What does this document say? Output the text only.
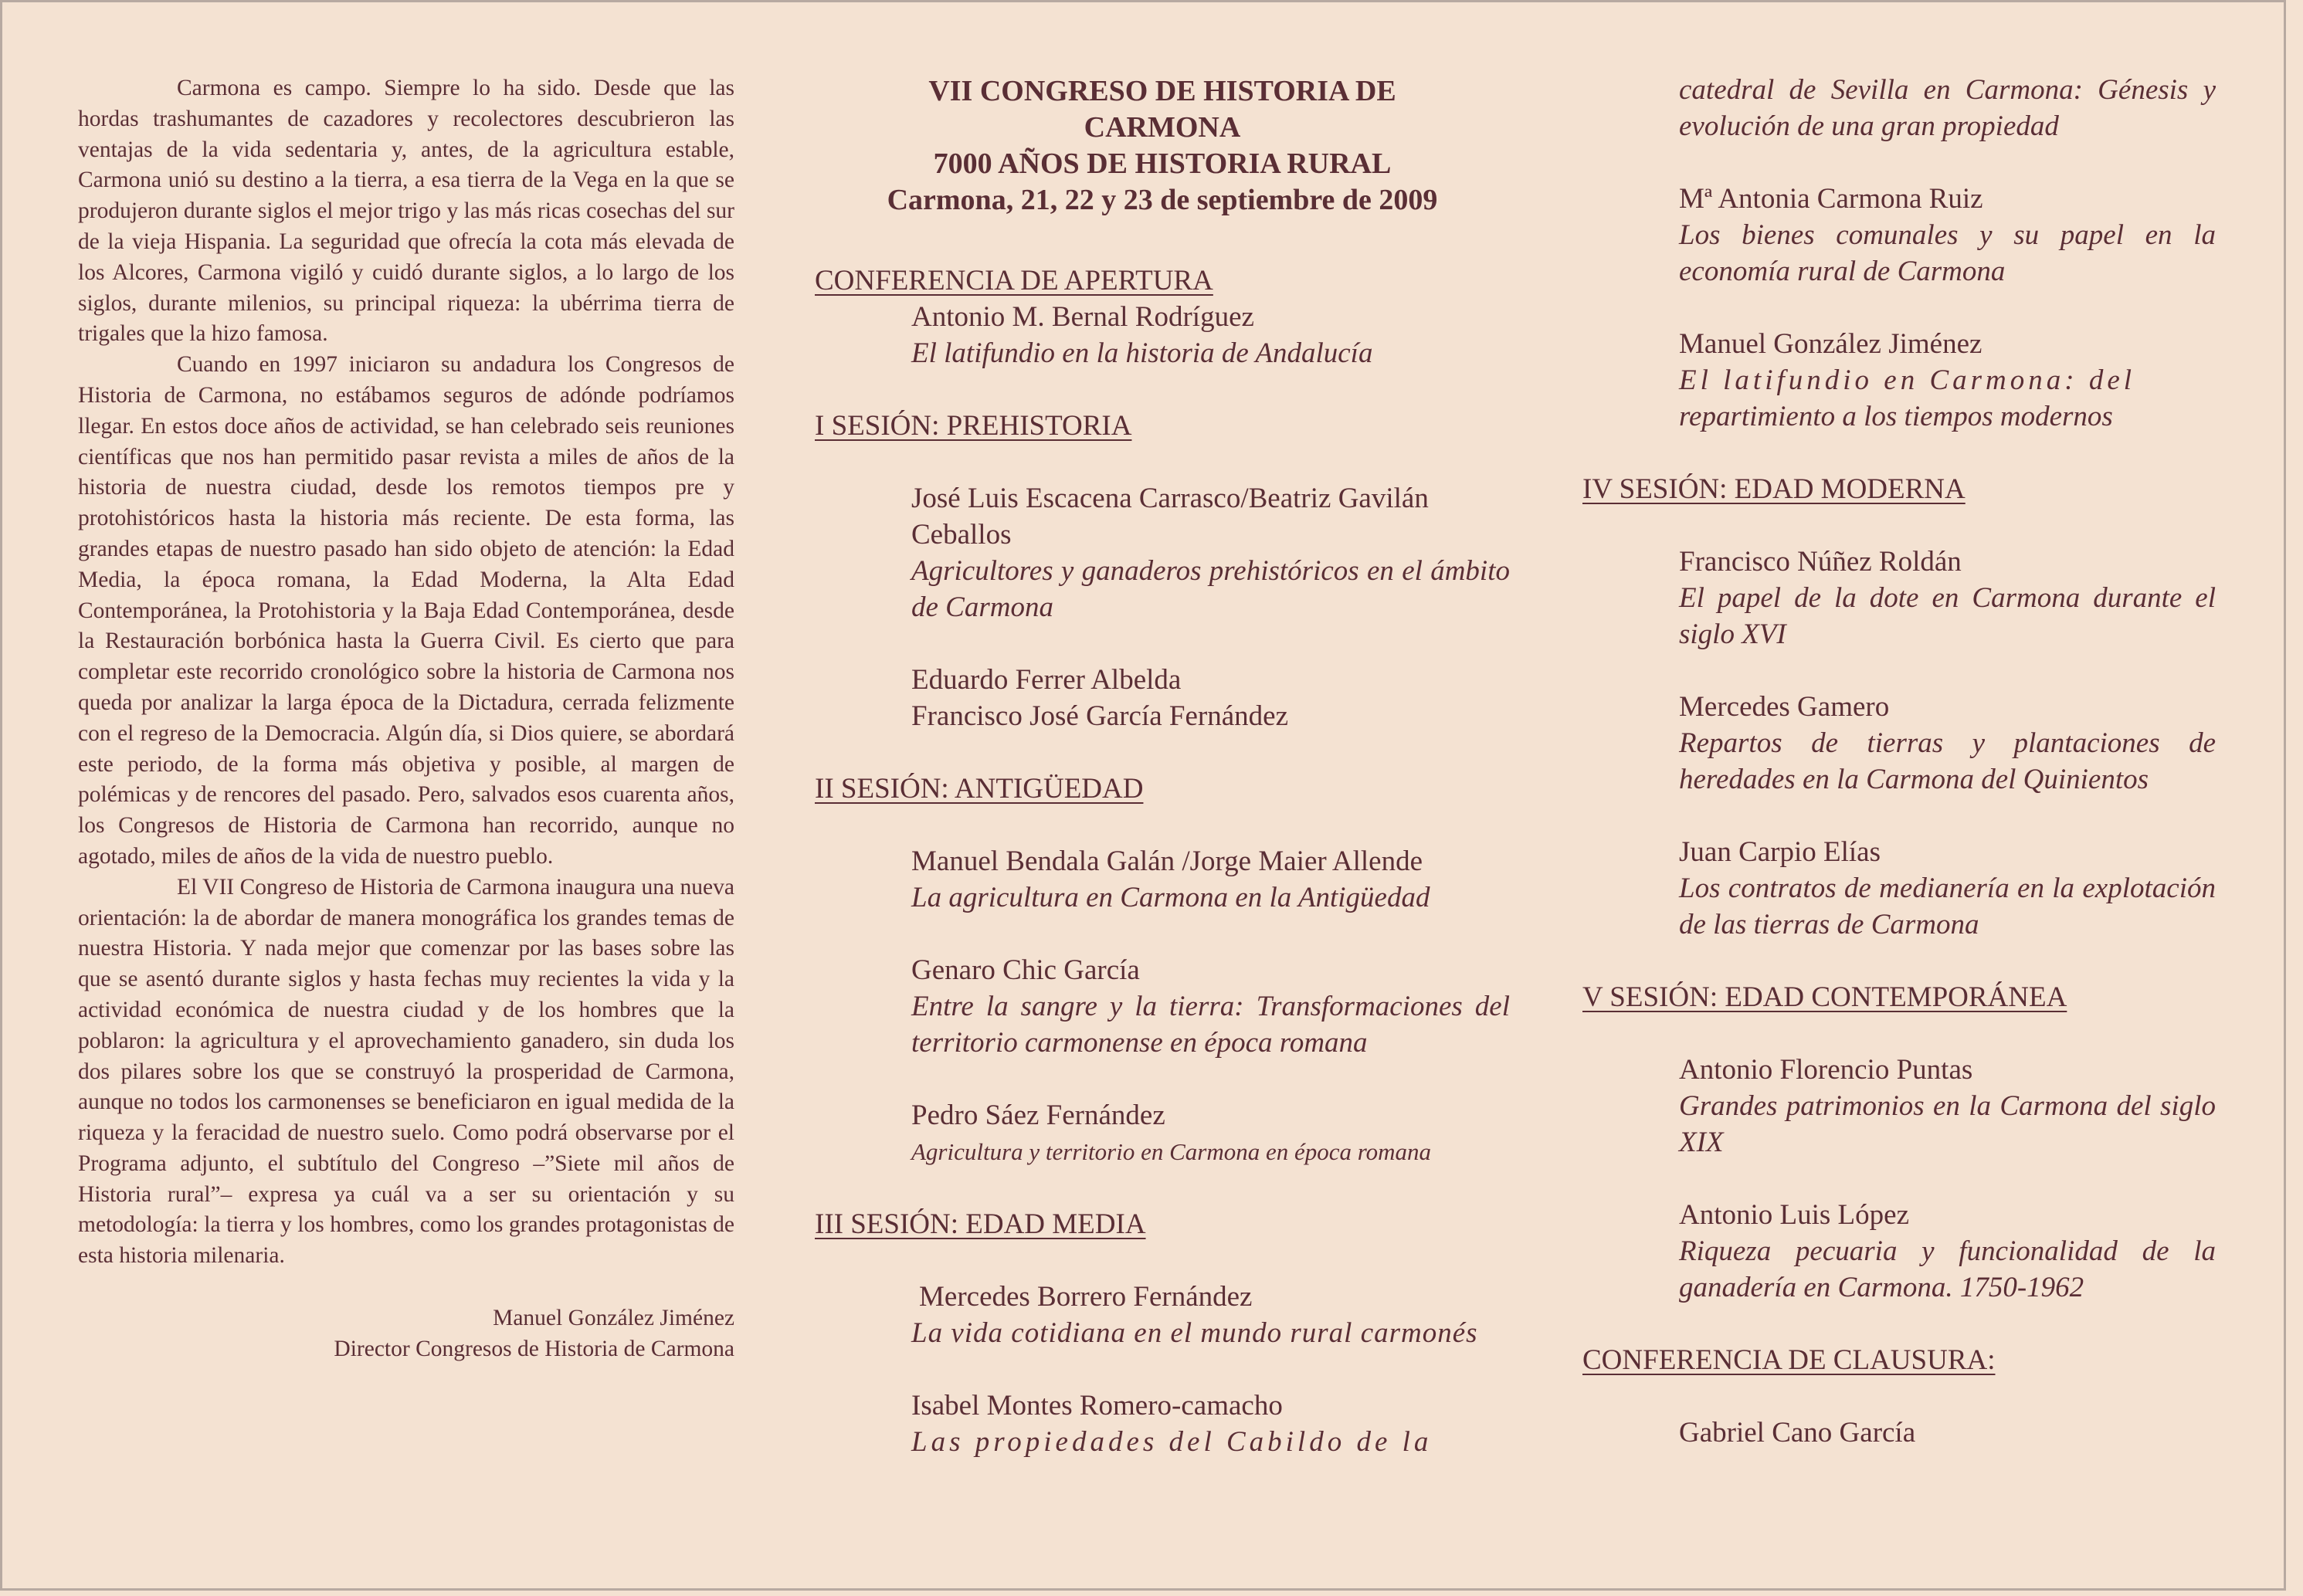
Carmona es campo. Siempre lo ha sido. Desde que las hordas trashumantes de cazadores y recolectores descubrieron las ventajas de la vida sedentaria y, antes, de la agricultura estable, Carmona unió su destino a la tierra, a esa tierra de la Vega en la que se produjeron durante siglos el mejor trigo y las más ricas cosechas del sur de la vieja Hispania. La seguridad que ofrecía la cota más elevada de los Alcores, Carmona vigiló y cuidó durante siglos, a lo largo de los siglos, durante milenios, su principal riqueza: la ubérrima tierra de trigales que la hizo famosa.

Cuando en 1997 iniciaron su andadura los Congresos de Historia de Carmona, no estábamos seguros de adónde podríamos llegar. En estos doce años de actividad, se han celebrado seis reuniones científicas que nos han permitido pasar revista a miles de años de la historia de nuestra ciudad, desde los remotos tiempos pre y protohistóricos hasta la historia más reciente. De esta forma, las grandes etapas de nuestro pasado han sido objeto de atención: la Edad Media, la época romana, la Edad Moderna, la Alta Edad Contemporánea, la Protohistoria y la Baja Edad Contemporánea, desde la Restauración borbónica hasta la Guerra Civil. Es cierto que para completar este recorrido cronológico sobre la historia de Carmona nos queda por analizar la larga época de la Dictadura, cerrada felizmente con el regreso de la Democracia. Algún día, si Dios quiere, se abordará este periodo, de la forma más objetiva y posible, al margen de polémicas y de rencores del pasado. Pero, salvados esos cuarenta años, los Congresos de Historia de Carmona han recorrido, aunque no agotado, miles de años de la vida de nuestro pueblo.

El VII Congreso de Historia de Carmona inaugura una nueva orientación: la de abordar de manera monográfica los grandes temas de nuestra Historia. Y nada mejor que comenzar por las bases sobre las que se asentó durante siglos y hasta fechas muy recientes la vida y la actividad económica de nuestra ciudad y de los hombres que la poblaron: la agricultura y el aprovechamiento ganadero, sin duda los dos pilares sobre los que se construyó la prosperidad de Carmona, aunque no todos los carmonenses se beneficiaron en igual medida de la riqueza y la feracidad de nuestro suelo. Como podrá observarse por el Programa adjunto, el subtítulo del Congreso –”Siete mil años de Historia rural”– expresa ya cuál va a ser su orientación y su metodología: la tierra y los hombres, como los grandes protagonistas de esta historia milenaria.

Manuel González Jiménez
Director Congresos de Historia de Carmona
VII CONGRESO DE HISTORIA DE
CARMONA
7000 AÑOS DE HISTORIA RURAL
Carmona, 21, 22 y 23 de septiembre de 2009
CONFERENCIA DE APERTURA
Antonio M. Bernal Rodríguez
El latifundio en la historia de Andalucía
I SESIÓN: PREHISTORIA
José Luis Escacena Carrasco/Beatriz Gavilán Ceballos
Agricultores y ganaderos prehistóricos en el ámbito de Carmona
Eduardo Ferrer Albelda
Francisco José García Fernández
II SESIÓN: ANTIGÜEDAD
Manuel Bendala Galán /Jorge Maier Allende
La agricultura en Carmona en la Antigüedad
Genaro Chic García
Entre la sangre y la tierra: Transformaciones del territorio carmonense en época romana
Pedro Sáez Fernández
Agricultura y territorio en Carmona en época romana
III SESIÓN: EDAD MEDIA
Mercedes Borrero Fernández
La vida cotidiana en el mundo rural carmonés
Isabel Montes Romero-camacho
Las propiedades del Cabildo de la
catedral de Sevilla en Carmona: Génesis y evolución de una gran propiedad
Mª Antonia Carmona Ruiz
Los bienes comunales y su papel en la economía rural de Carmona
Manuel González Jiménez
El latifundio en Carmona: del
repartimiento a los tiempos modernos
IV SESIÓN: EDAD MODERNA
Francisco Núñez Roldán
El papel de la dote en Carmona durante el siglo XVI
Mercedes Gamero
Repartos de tierras y plantaciones de heredades en la Carmona del Quinientos
Juan Carpio Elías
Los contratos de medianería en la explotación de las tierras de Carmona
V SESIÓN: EDAD CONTEMPORÁNEA
Antonio Florencio Puntas
Grandes patrimonios en la Carmona del siglo XIX
Antonio Luis López
Riqueza pecuaria y funcionalidad de la ganadería en Carmona. 1750-1962
CONFERENCIA DE CLAUSURA:
Gabriel Cano García
